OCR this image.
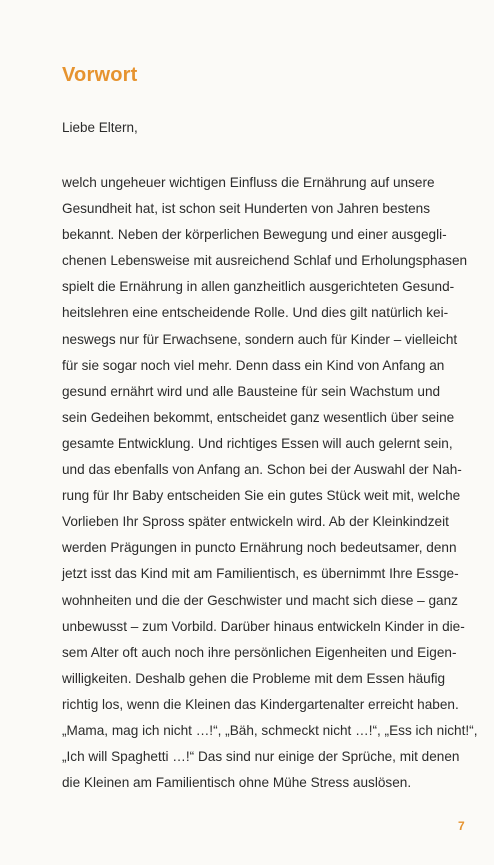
Vorwort

Liebe Eltern,

welch ungeheuer wichtigen Einfluss die Ernährung auf unsere
Gesundheit hat, ist schon seit Hunderten von Jahren bestens
bekannt. Neben der körperlichen Bewegung und einer ausgegli-
chenen Lebensweise mit ausreichend Schlaf und Erholungsphasen
spielt die Ernährung in allen ganzheitlich ausgerichteten Gesund-
heitslehren eine entscheidende Rolle. Und dies gilt natürlich kei-
neswegs nur für Erwachsene, sondern auch für Kinder – vielleicht
für sie sogar noch viel mehr. Denn dass ein Kind von Anfang an
gesund ernährt wird und alle Bausteine für sein Wachstum und
sein Gedeihen bekommt, entscheidet ganz wesentlich über seine
gesamte Entwicklung. Und richtiges Essen will auch gelernt sein,
und das ebenfalls von Anfang an. Schon bei der Auswahl der Nah-
rung für Ihr Baby entscheiden Sie ein gutes Stück weit mit, welche
Vorlieben Ihr Spross später entwickeln wird. Ab der Kleinkindzeit
werden Prägungen in puncto Ernährung noch bedeutsamer, denn
jetzt isst das Kind mit am Familientisch, es übernimmt Ihre Essge-
wohnheiten und die der Geschwister und macht sich diese – ganz
unbewusst – zum Vorbild. Darüber hinaus entwickeln Kinder in die-
sem Alter oft auch noch ihre persönlichen Eigenheiten und Eigen-
willigkeiten. Deshalb gehen die Probleme mit dem Essen häufig
richtig los, wenn die Kleinen das Kindergartenalter erreicht haben.
„Mama, mag ich nicht …!“, „Bäh, schmeckt nicht …!“, „Ess ich nicht!“,
„Ich will Spaghetti …!“ Das sind nur einige der Sprüche, mit denen
die Kleinen am Familientisch ohne Mühe Stress auslösen.
7
